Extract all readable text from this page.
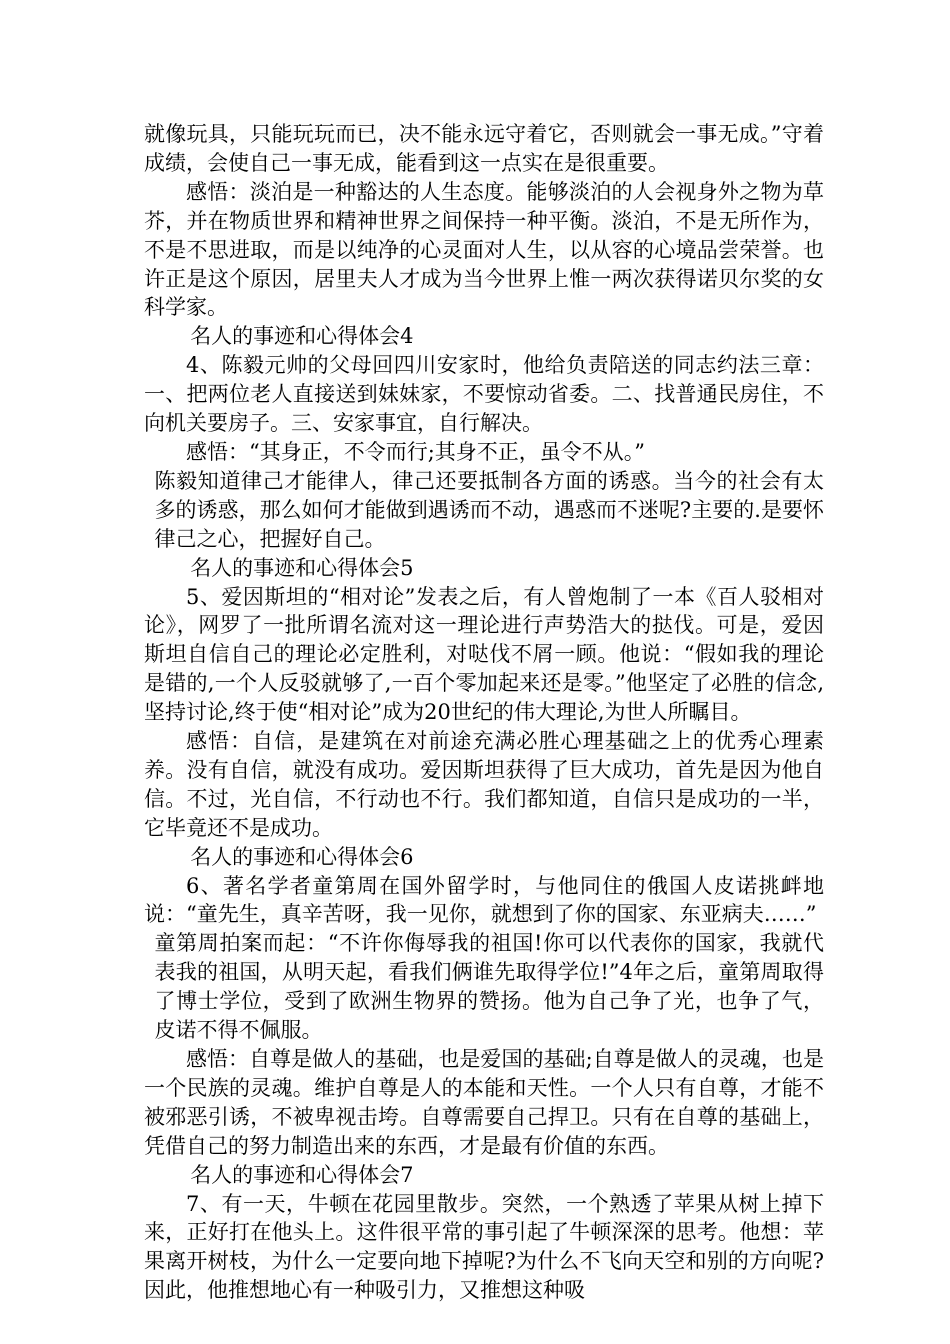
就像玩具，只能玩玩而已，决不能永远守着它，否则就会一事无成。”守着成绩，会使自己一事无成，能看到这一点实在是很重要。

感悟：淡泊是一种豁达的人生态度。能够淡泊的人会视身外之物为草芥，并在物质世界和精神世界之间保持一种平衡。淡泊，不是无所作为，不是不思进取，而是以纯净的心灵面对人生，以从容的心境品尝荣誉。也许正是这个原因，居里夫人才成为当今世界上惟一两次获得诺贝尔奖的女科学家。

名人的事迹和心得体会4

4、陈毅元帅的父母回四川安家时，他给负责陪送的同志约法三章：一、把两位老人直接送到妹妹家，不要惊动省委。二、找普通民房住，不向机关要房子。三、安家事宜，自行解决。

感悟：“其身正，不令而行;其身不正，虽令不从。”

陈毅知道律己才能律人，律己还要抵制各方面的诱惑。当今的社会有太多的诱惑，那么如何才能做到遇诱而不动，遇惑而不迷呢?主要的.是要怀律己之心，把握好自己。

名人的事迹和心得体会5

5、爱因斯坦的“相对论”发表之后，有人曾炮制了一本《百人驳相对论》，网罗了一批所谓名流对这一理论进行声势浩大的挞伐。可是，爱因斯坦自信自己的理论必定胜利，对哒伐不屑一顾。他说：“假如我的理论是错的,一个人反驳就够了,一百个零加起来还是零。”他坚定了必胜的信念,坚持讨论,终于使“相对论”成为20世纪的伟大理论,为世人所瞩目。

感悟：自信，是建筑在对前途充满必胜心理基础之上的优秀心理素养。没有自信，就没有成功。爱因斯坦获得了巨大成功，首先是因为他自信。不过，光自信，不行动也不行。我们都知道，自信只是成功的一半，它毕竟还不是成功。

名人的事迹和心得体会6

6、著名学者童第周在国外留学时，与他同住的俄国人皮诺挑衅地说：“童先生，真辛苦呀，我一见你，就想到了你的国家、东亚病夫……”

童第周拍案而起：“不许你侮辱我的祖国!你可以代表你的国家，我就代表我的祖国，从明天起，看我们俩谁先取得学位!”4年之后，童第周取得了博士学位，受到了欧洲生物界的赞扬。他为自己争了光，也争了气，皮诺不得不佩服。

感悟：自尊是做人的基础，也是爱国的基础;自尊是做人的灵魂，也是一个民族的灵魂。维护自尊是人的本能和天性。一个人只有自尊，才能不被邪恶引诱，不被卑视击垮。自尊需要自己捍卫。只有在自尊的基础上，凭借自己的努力制造出来的东西，才是最有价值的东西。

名人的事迹和心得体会7

7、有一天，牛顿在花园里散步。突然，一个熟透了苹果从树上掉下来，正好打在他头上。这件很平常的事引起了牛顿深深的思考。他想：苹果离开树枝，为什么一定要向地下掉呢?为什么不飞向天空和别的方向呢?因此，他推想地心有一种吸引力，又推想这种吸
